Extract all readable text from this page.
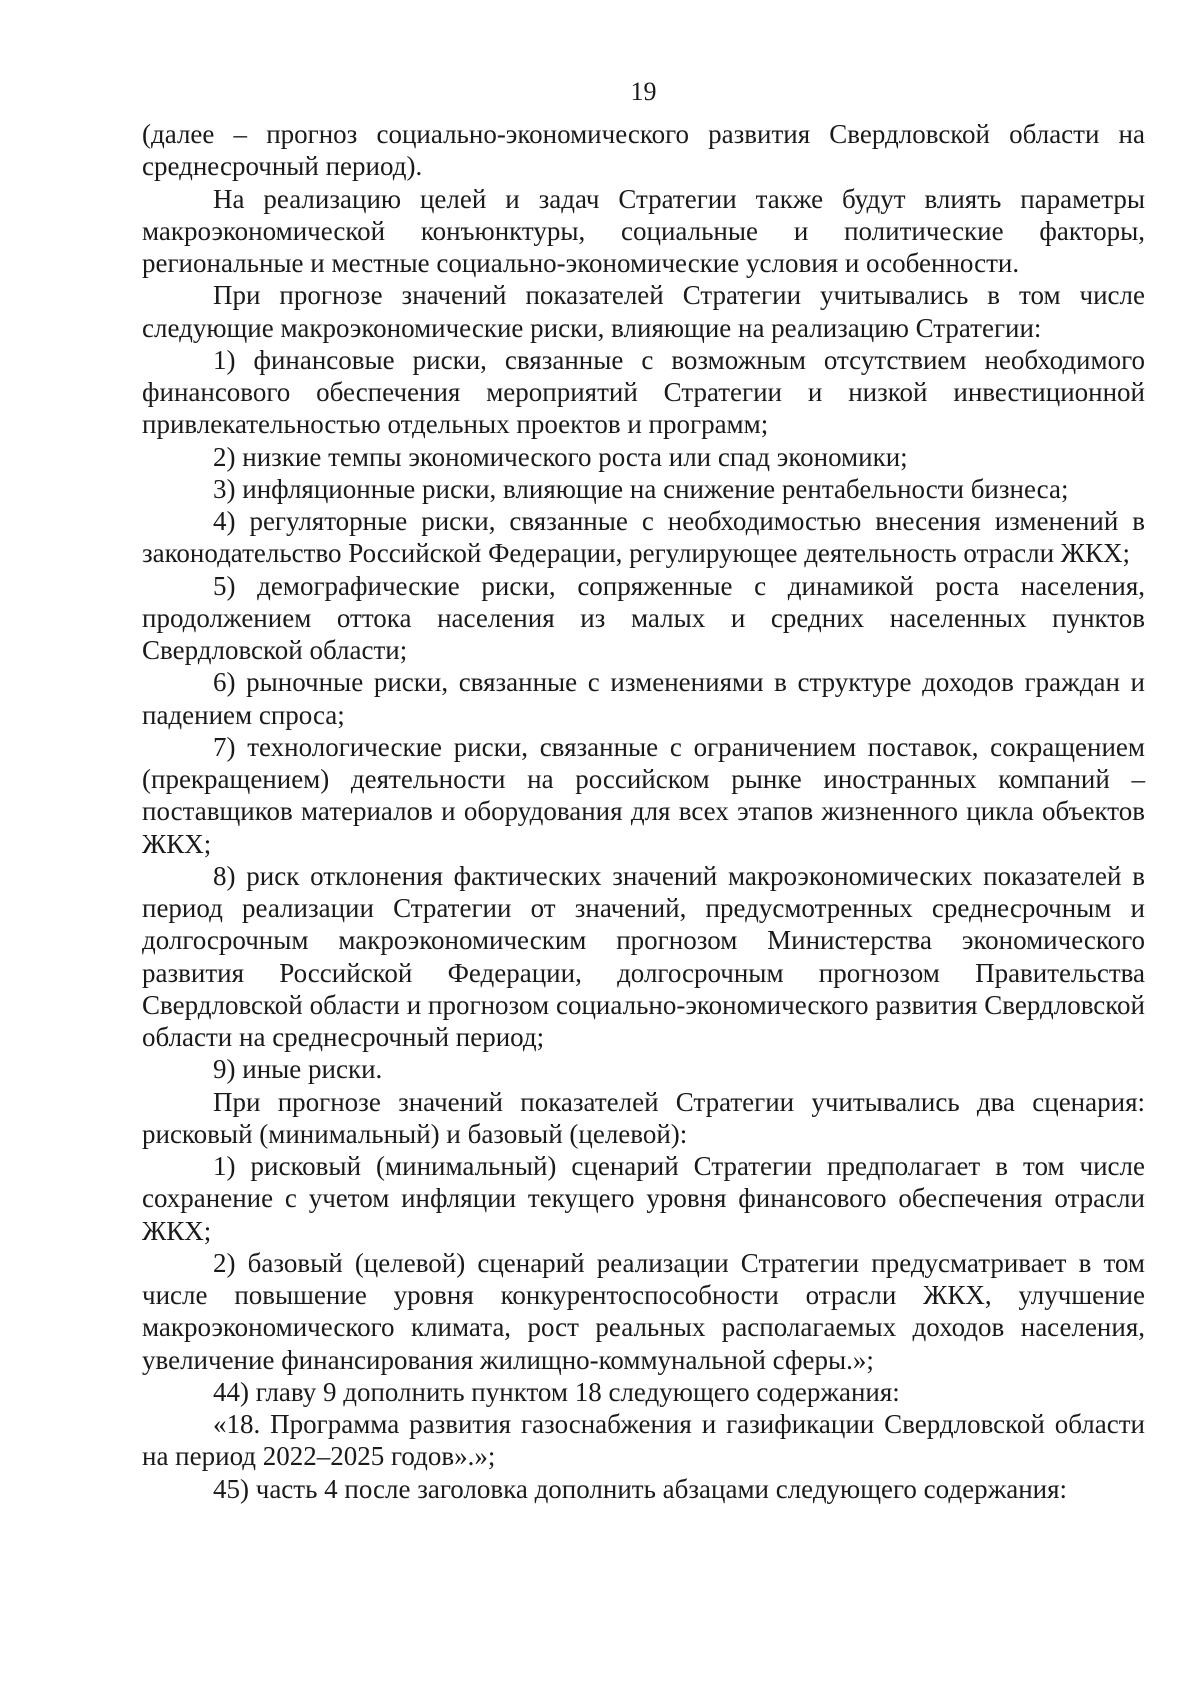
19

(далее – прогноз социально-экономического развития Свердловской области на среднесрочный период).

На реализацию целей и задач Стратегии также будут влиять параметры макроэкономической конъюнктуры, социальные и политические факторы, региональные и местные социально-экономические условия и особенности.

При прогнозе значений показателей Стратегии учитывались в том числе следующие макроэкономические риски, влияющие на реализацию Стратегии:

1) финансовые риски, связанные с возможным отсутствием необходимого финансового обеспечения мероприятий Стратегии и низкой инвестиционной привлекательностью отдельных проектов и программ;

2) низкие темпы экономического роста или спад экономики;

3) инфляционные риски, влияющие на снижение рентабельности бизнеса;

4) регуляторные риски, связанные с необходимостью внесения изменений в законодательство Российской Федерации, регулирующее деятельность отрасли ЖКХ;

5) демографические риски, сопряженные с динамикой роста населения, продолжением оттока населения из малых и средних населенных пунктов Свердловской области;

6) рыночные риски, связанные с изменениями в структуре доходов граждан и падением спроса;

7) технологические риски, связанные с ограничением поставок, сокращением (прекращением) деятельности на российском рынке иностранных компаний – поставщиков материалов и оборудования для всех этапов жизненного цикла объектов ЖКХ;

8) риск отклонения фактических значений макроэкономических показателей в период реализации Стратегии от значений, предусмотренных среднесрочным и долгосрочным макроэкономическим прогнозом Министерства экономического развития Российской Федерации, долгосрочным прогнозом Правительства Свердловской области и прогнозом социально-экономического развития Свердловской области на среднесрочный период;

9) иные риски.

При прогнозе значений показателей Стратегии учитывались два сценария: рисковый (минимальный) и базовый (целевой):

1) рисковый (минимальный) сценарий Стратегии предполагает в том числе сохранение с учетом инфляции текущего уровня финансового обеспечения отрасли ЖКХ;

2) базовый (целевой) сценарий реализации Стратегии предусматривает в том числе повышение уровня конкурентоспособности отрасли ЖКХ, улучшение макроэкономического климата, рост реальных располагаемых доходов населения, увеличение финансирования жилищно-коммунальной сферы.»;

44) главу 9 дополнить пунктом 18 следующего содержания:

«18. Программа развития газоснабжения и газификации Свердловской области на период 2022–2025 годов».»;

45) часть 4 после заголовка дополнить абзацами следующего содержания:
